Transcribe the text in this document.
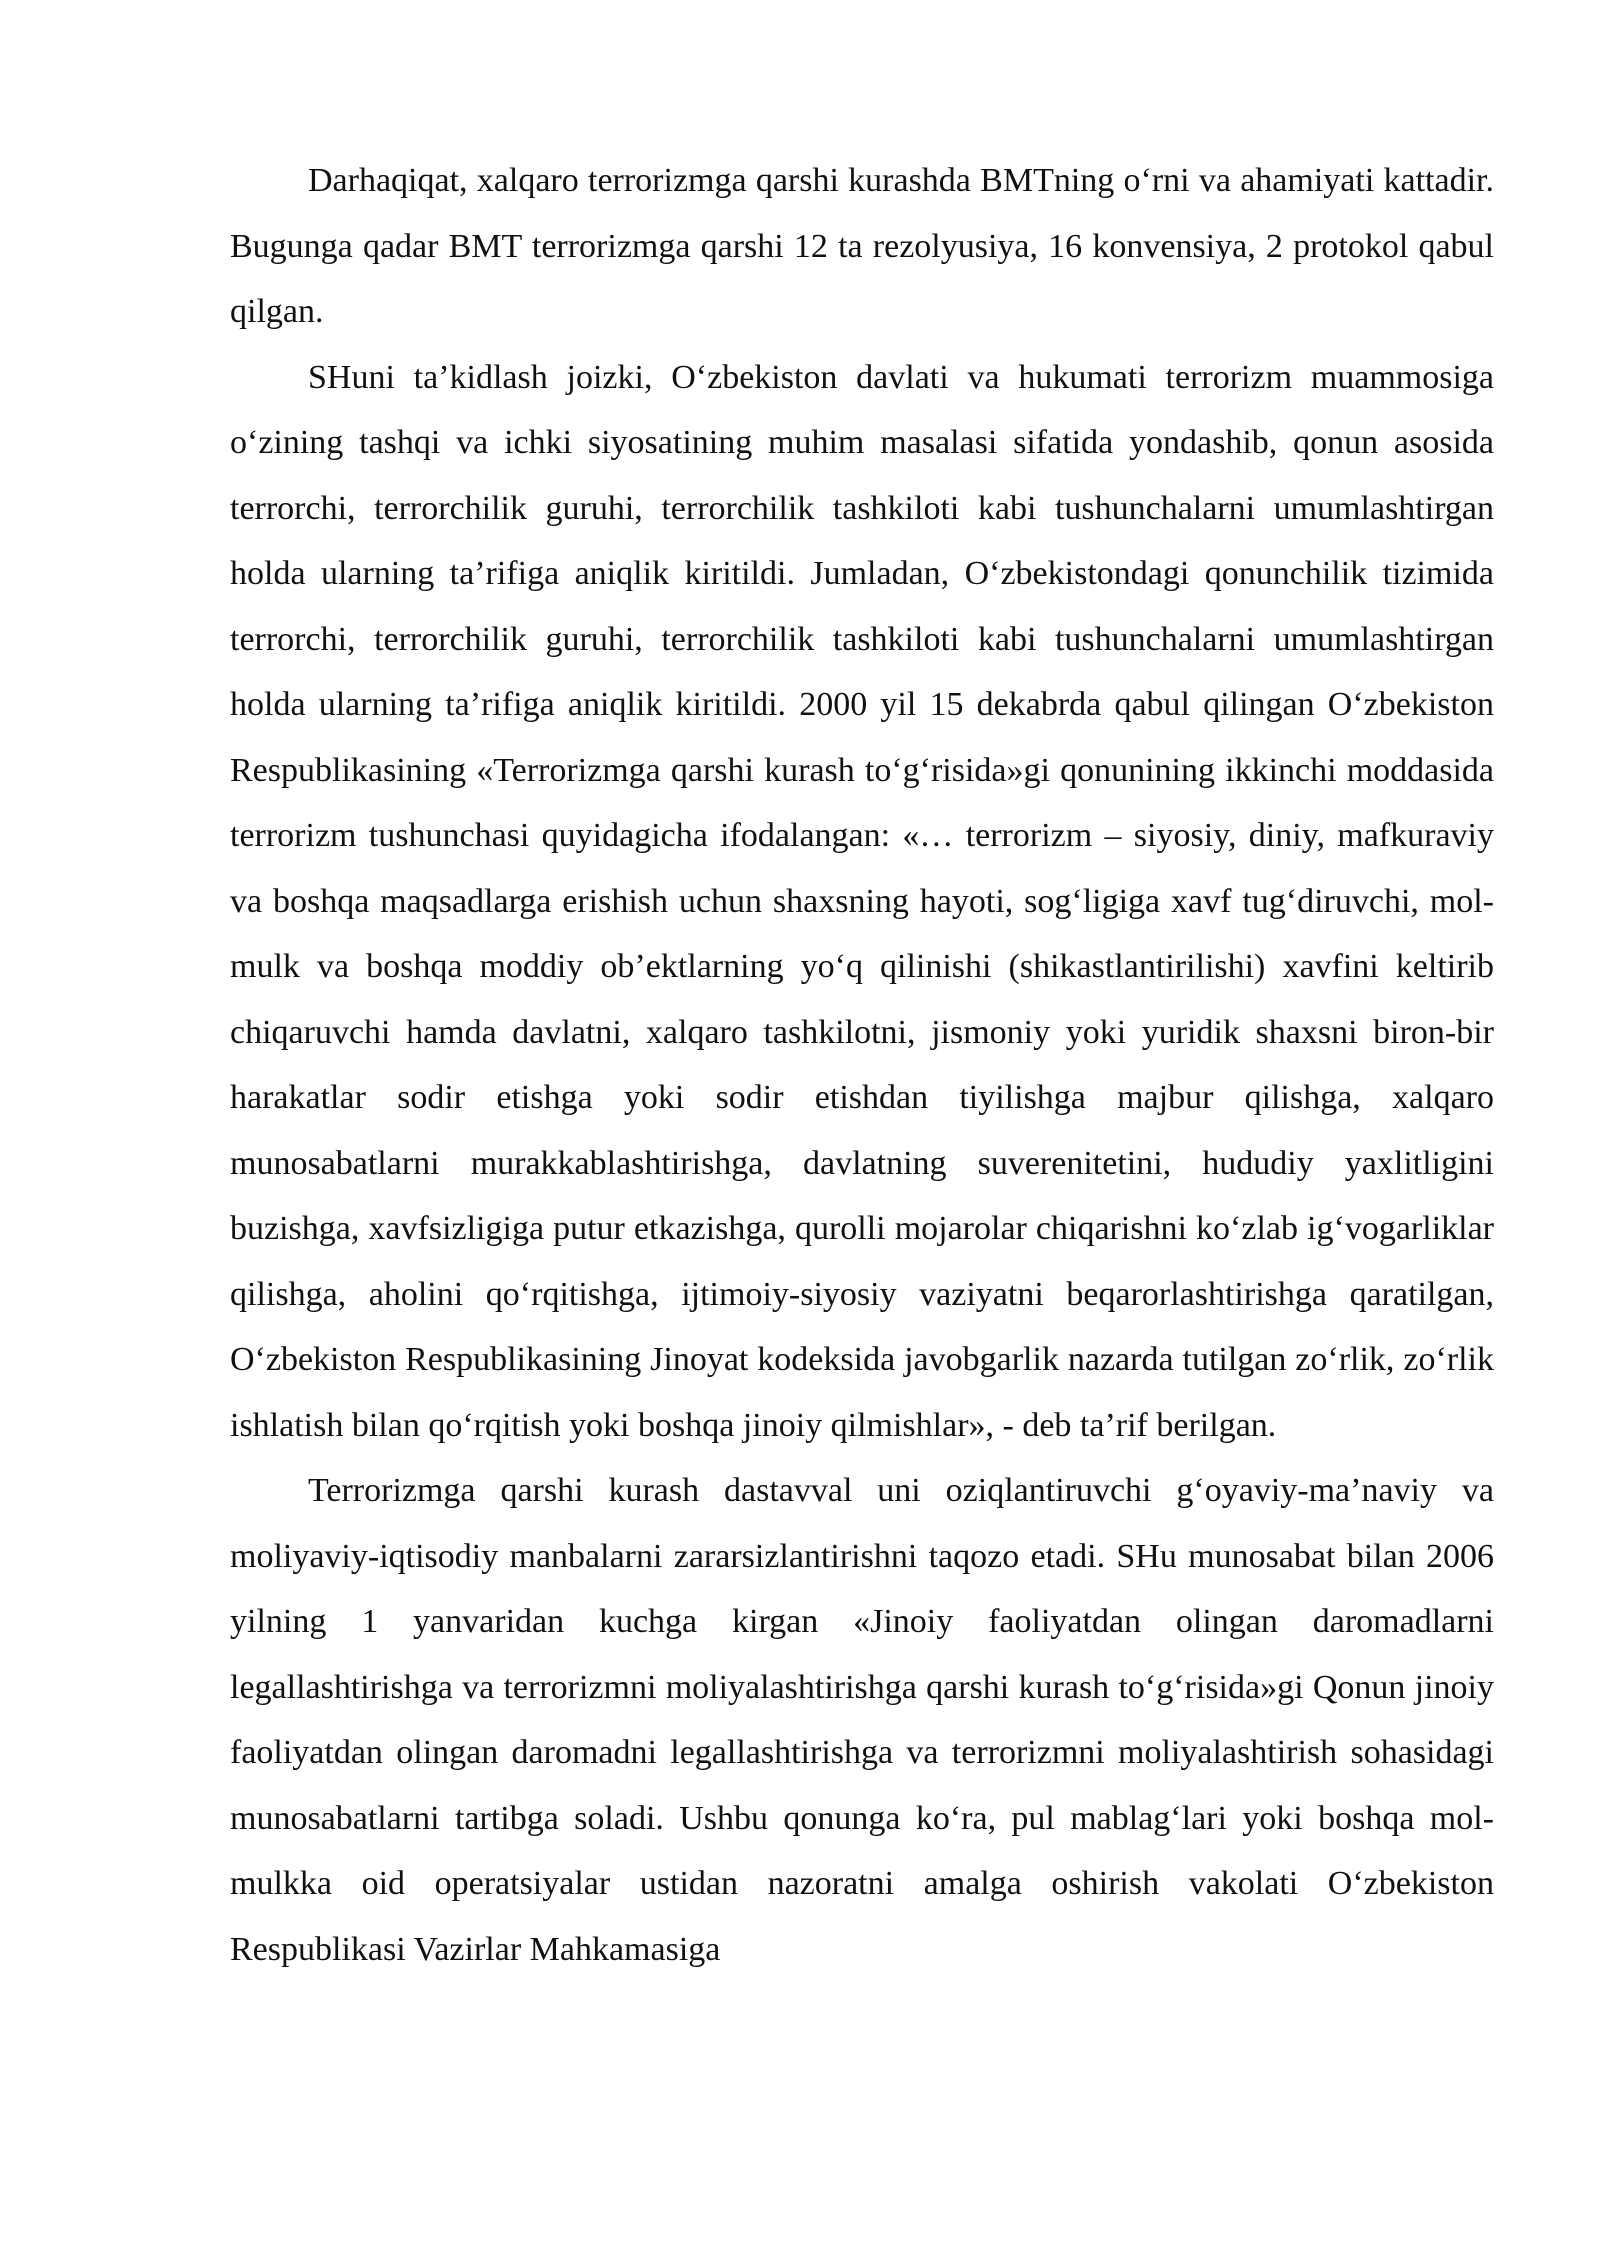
Darhaqiqat, xalqaro terrorizmga qarshi kurashda BMTning o‘rni va ahamiyati kattadir. Bugunga qadar BMT terrorizmga qarshi 12 ta rezolyusiya, 16 konvensiya, 2 protokol qabul qilgan.

SHuni ta’kidlash joizki, O‘zbekiston davlati va hukumati terrorizm muammosiga o‘zining tashqi va ichki siyosatining muhim masalasi sifatida yondashib, qonun asosida terrorchi, terrorchilik guruhi, terrorchilik tashkiloti kabi tushunchalarni umumlashtirgan holda ularning ta’rifiga aniqlik kiritildi. Jumladan, O‘zbekistondagi qonunchilik tizimida terrorchi, terrorchilik guruhi, terrorchilik tashkiloti kabi tushunchalarni umumlashtirgan holda ularning ta’rifiga aniqlik kiritildi. 2000 yil 15 dekabrda qabul qilingan O‘zbekiston Respublikasining «Terrorizmga qarshi kurash to‘g‘risida»gi qonunining ikkinchi moddasida terrorizm tushunchasi quyidagicha ifodalangan: «… terrorizm – siyosiy, diniy, mafkuraviy va boshqa maqsadlarga erishish uchun shaxsning hayoti, sog‘ligiga xavf tug‘diruvchi, mol-mulk va boshqa moddiy ob’ektlarning yo‘q qilinishi (shikastlantirilishi) xavfini keltirib chiqaruvchi hamda davlatni, xalqaro tashkilotni, jismoniy yoki yuridik shaxsni biron-bir harakatlar sodir etishga yoki sodir etishdan tiyilishga majbur qilishga, xalqaro munosabatlarni murakkablashtirishga, davlatning suverenitetini, hududiy yaxlitligini buzishga, xavfsizligiga putur etkazishga, qurolli mojarolar chiqarishni ko‘zlab ig‘vogarliklar qilishga, aholini qo‘rqitishga, ijtimoiy-siyosiy vaziyatni beqarorlashtirishga qaratilgan, O‘zbekiston Respublikasining Jinoyat kodeksida javobgarlik nazarda tutilgan zo‘rlik, zo‘rlik ishlatish bilan qo‘rqitish yoki boshqa jinoiy qilmishlar», - deb ta’rif berilgan.

Terrorizmga qarshi kurash dastavval uni oziqlantiruvchi g‘oyaviy-ma’naviy va moliyaviy-iqtisodiy manbalarni zararsizlantirishni taqozo etadi. SHu munosabat bilan 2006 yilning 1 yanvaridan kuchga kirgan «Jinoiy faoliyatdan olingan daromadlarni legallashtirishga va terrorizmni moliyalashtirishga qarshi kurash to‘g‘risida»gi Qonun jinoiy faoliyatdan olingan daromadni legallashtirishga va terrorizmni moliyalashtirish sohasidagi munosabatlarni tartibga soladi. Ushbu qonunga ko‘ra, pul mablag‘lari yoki boshqa mol-mulkka oid operatsiyalar ustidan nazoratni amalga oshirish vakolati O‘zbekiston Respublikasi Vazirlar Mahkamasiga
